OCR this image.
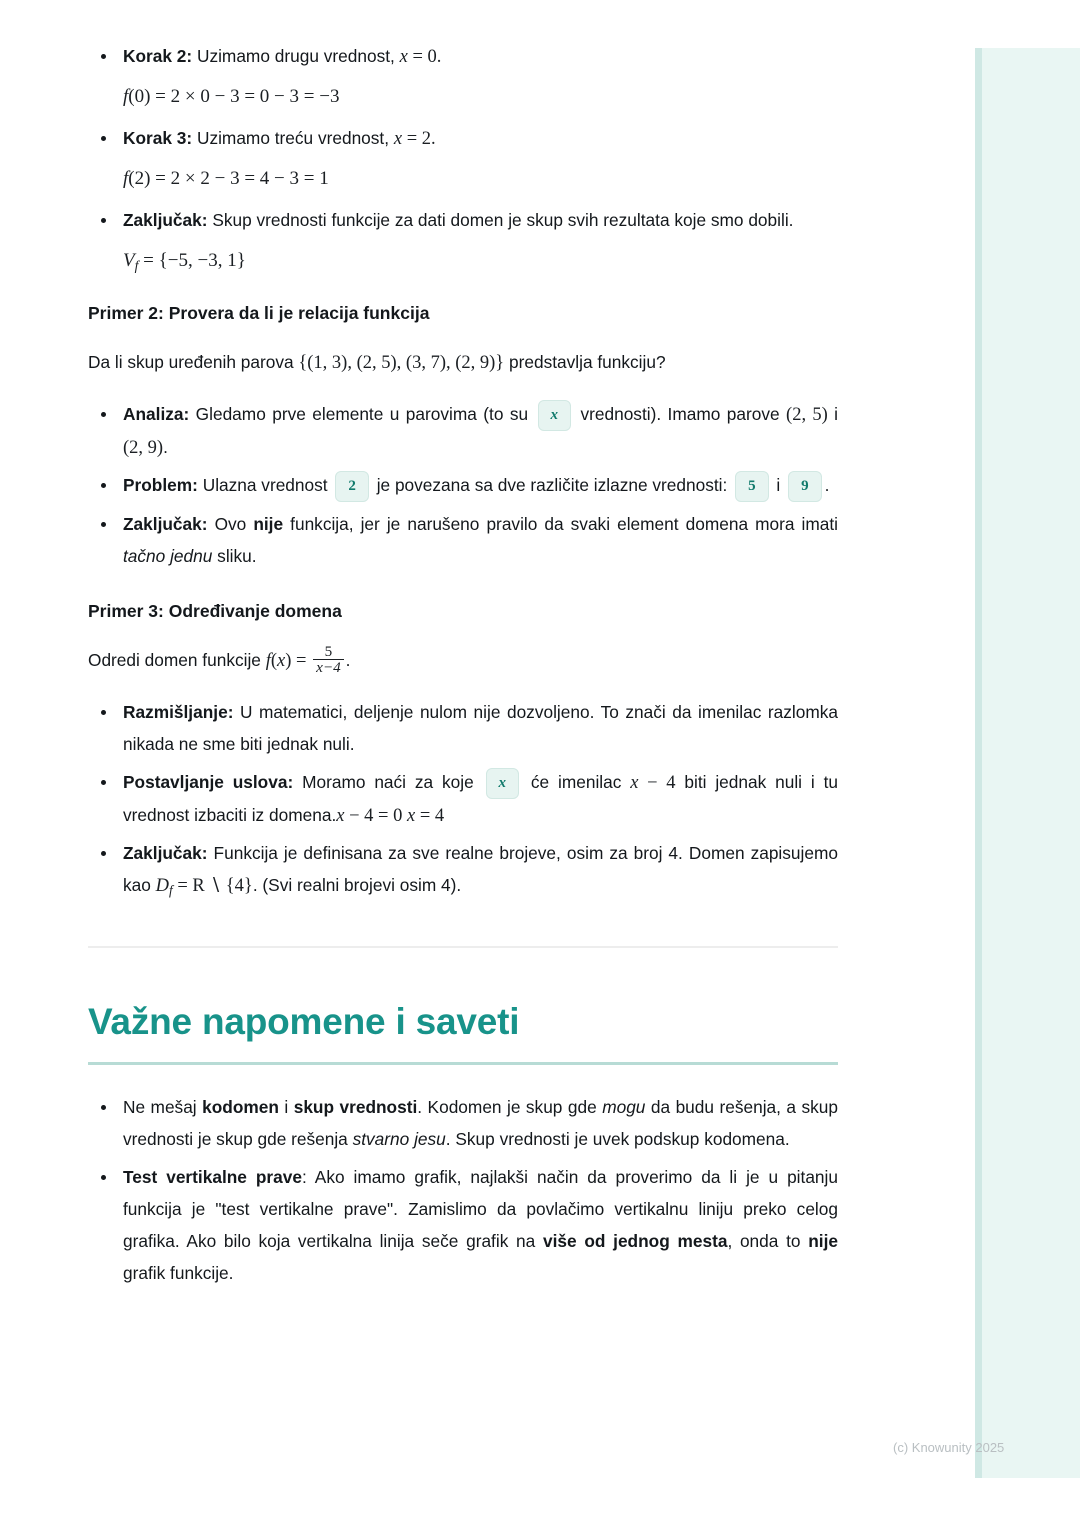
Korak 2: Uzimamo drugu vrednost, x = 0.
f(0) = 2 × 0 − 3 = 0 − 3 = −3
Korak 3: Uzimamo treću vrednost, x = 2.
f(2) = 2 × 2 − 3 = 4 − 3 = 1
Zaključak: Skup vrednosti funkcije za dati domen je skup svih rezultata koje smo dobili.
$V_f = \{-5$, −3, 1}
Primer 2: Provera da li je relacija funkcija

Da li skup uređenih parova {(1, 3), (2, 5), (3, 7), (2, 9)} predstavlja funkciju?

Analiza: Gledamo prve elemente u parovima (to su x vrednosti). Imamo parove (2, 5) i (2, 9).
Problem: Ulazna vrednost 2 je povezana sa dve različite izlazne vrednosti: 5 i 9 .
Zaključak: Ovo nije funkcija, jer je narušeno pravilo da svaki element domena mora imati tačno jednu sliku.
Primer 3: Određivanje domena

Odredi domen funkcije $f(x) = \frac{5}{x-4}$ .

Razmišljanje: U matematici, deljenje nulom nije dozvoljeno. To znači da imenilac razlomka nikada ne sme biti jednak nuli.
Postavljanje uslova: Moramo naći za koje x će imenilac x − 4 biti jednak nuli i tu vrednost izbaciti iz domena.x − 4 = 0 x = 4
Zaključak: Funkcija je definisana za sve realne brojeve, osim za broj 4. Domen zapisujemo kao $D_f = R$ ∖ {4}. (Svi realni brojevi osim 4).
Važne napomene i saveti
Ne mešaj kodomen i skup vrednosti. Kodomen je skup gde mogu da budu rešenja, a skup vrednosti je skup gde rešenja stvarno jesu. Skup vrednosti je uvek podskup kodomena.
Test vertikalne prave: Ako imamo grafik, najlakši način da proverimo da li je u pitanju funkcija je "test vertikalne prave". Zamislimo da povlačimo vertikalnu liniju preko celog grafika. Ako bilo koja vertikalna linija seče grafik na više od jednog mesta, onda to nije grafik funkcije.
(c) Knowunity 2025
